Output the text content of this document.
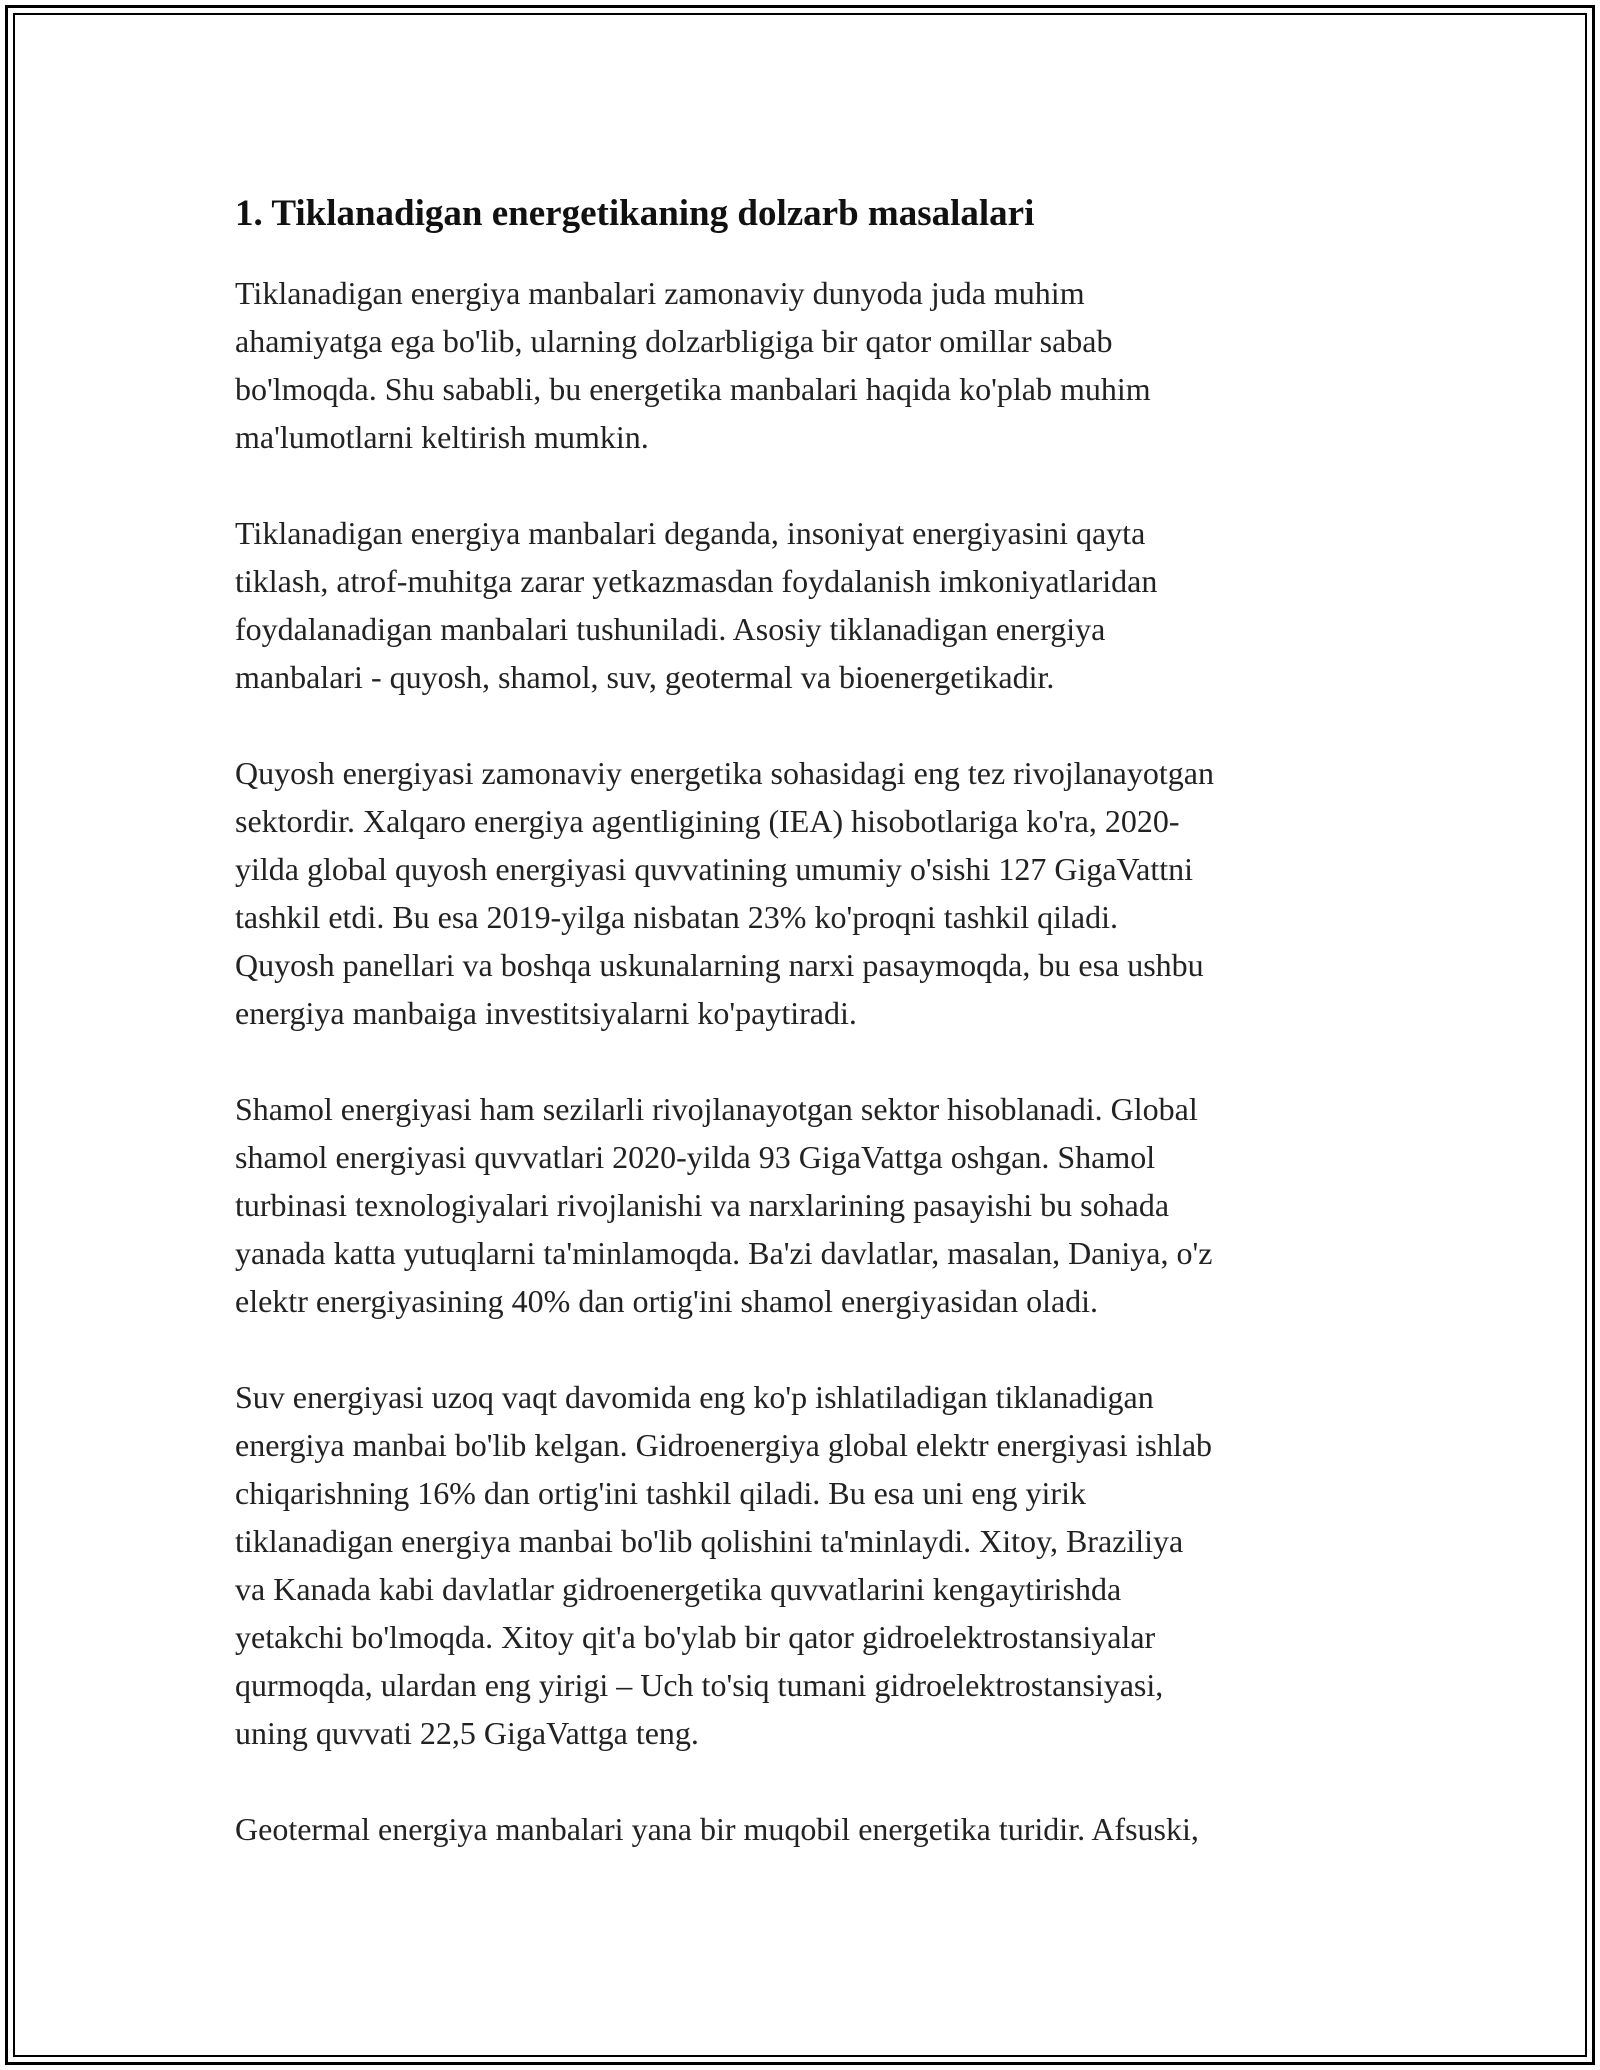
1. Tiklanadigan energetikaning dolzarb masalalari

Tiklanadigan energiya manbalari zamonaviy dunyoda juda muhim
ahamiyatga ega bo'lib, ularning dolzarbligiga bir qator omillar sabab
bo'lmoqda. Shu sababli, bu energetika manbalari haqida ko'plab muhim
ma'lumotlarni keltirish mumkin.

Tiklanadigan energiya manbalari deganda, insoniyat energiyasini qayta
tiklash, atrof-muhitga zarar yetkazmasdan foydalanish imkoniyatlaridan
foydalanadigan manbalari tushuniladi. Asosiy tiklanadigan energiya
manbalari - quyosh, shamol, suv, geotermal va bioenergetikadir.

Quyosh energiyasi zamonaviy energetika sohasidagi eng tez rivojlanayotgan
sektordir. Xalqaro energiya agentligining (IEA) hisobotlariga ko'ra, 2020-
yilda global quyosh energiyasi quvvatining umumiy o'sishi 127 GigaVattni
tashkil etdi. Bu esa 2019-yilga nisbatan 23% ko'proqni tashkil qiladi.
Quyosh panellari va boshqa uskunalarning narxi pasaymoqda, bu esa ushbu
energiya manbaiga investitsiyalarni ko'paytiradi.

Shamol energiyasi ham sezilarli rivojlanayotgan sektor hisoblanadi. Global
shamol energiyasi quvvatlari 2020-yilda 93 GigaVattga oshgan. Shamol
turbinasi texnologiyalari rivojlanishi va narxlarining pasayishi bu sohada
yanada katta yutuqlarni ta'minlamoqda. Ba'zi davlatlar, masalan, Daniya, o'z
elektr energiyasining 40% dan ortig'ini shamol energiyasidan oladi.

Suv energiyasi uzoq vaqt davomida eng ko'p ishlatiladigan tiklanadigan
energiya manbai bo'lib kelgan. Gidroenergiya global elektr energiyasi ishlab
chiqarishning 16% dan ortig'ini tashkil qiladi. Bu esa uni eng yirik
tiklanadigan energiya manbai bo'lib qolishini ta'minlaydi. Xitoy, Braziliya
va Kanada kabi davlatlar gidroenergetika quvvatlarini kengaytirishda
yetakchi bo'lmoqda. Xitoy qit'a bo'ylab bir qator gidroelektrostansiyalar
qurmoqda, ulardan eng yirigi – Uch to'siq tumani gidroelektrostansiyasi,
uning quvvati 22,5 GigaVattga teng.

Geotermal energiya manbalari yana bir muqobil energetika turidir. Afsuski,
